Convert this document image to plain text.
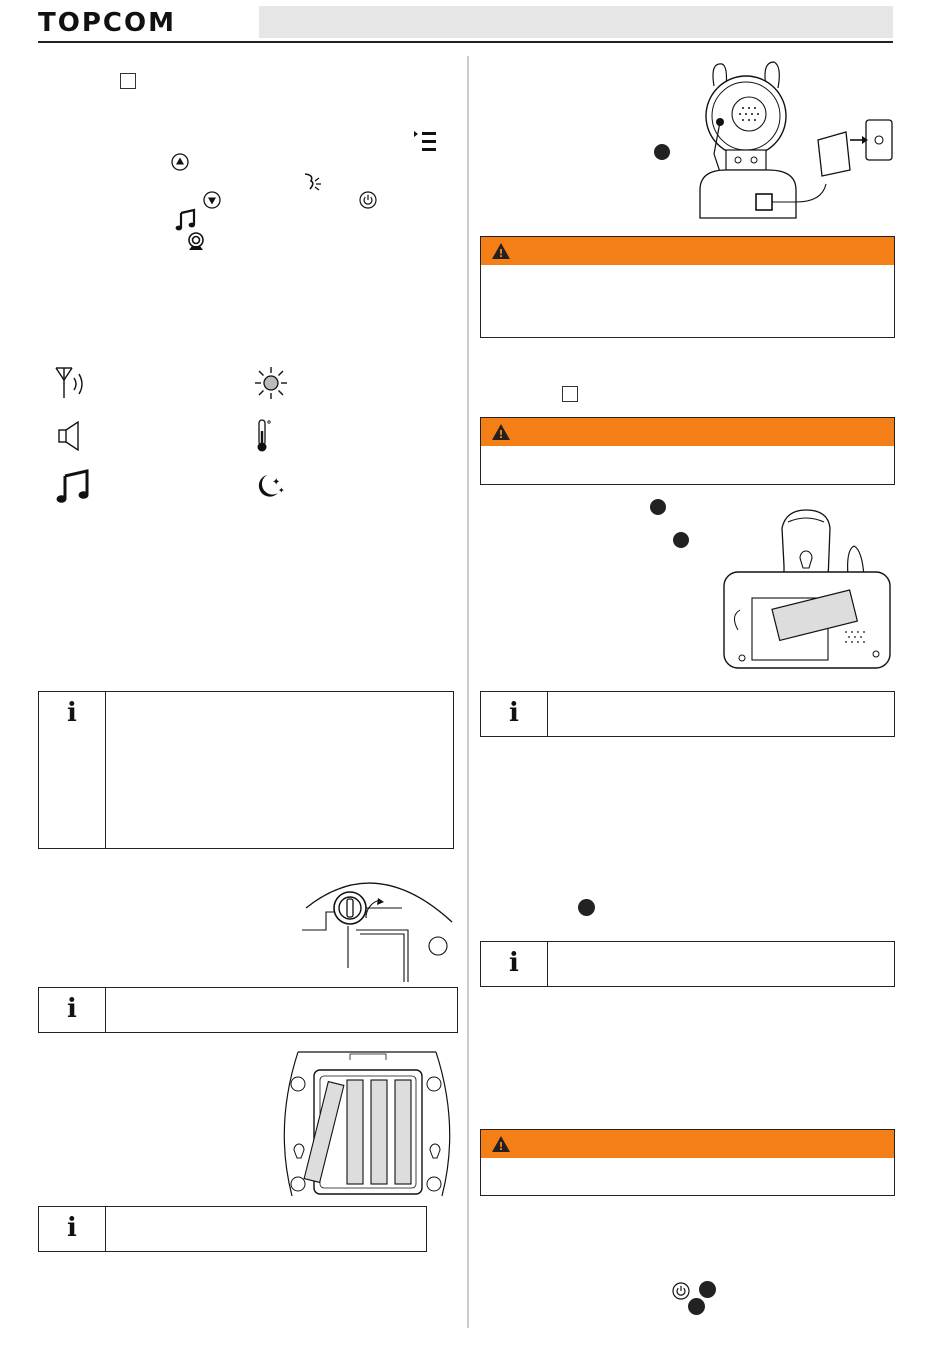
TOPCOM
✦
✦
i
i
i
!
!
i
i
!
